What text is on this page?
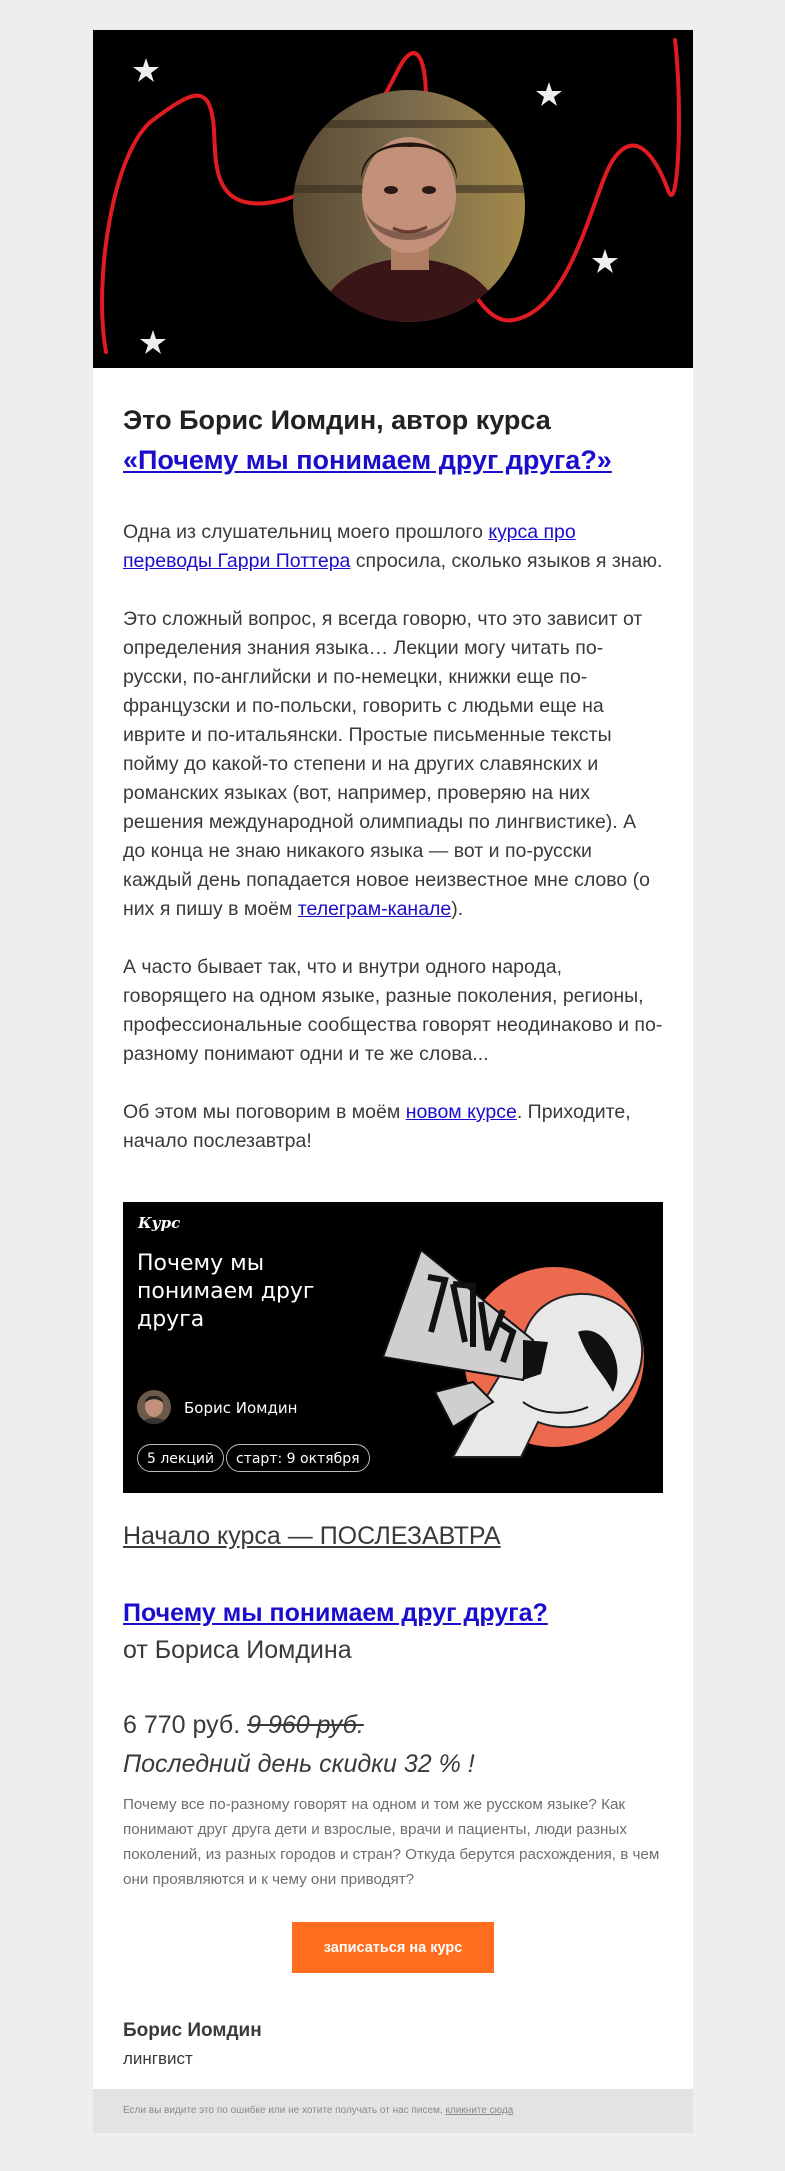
Это Борис Иомдин, автор курса
«Почему мы понимаем друг друга?»

Одна из слушательниц моего прошлого курса про переводы Гарри Поттера спросила, сколько языков я знаю.

Это сложный вопрос, я всегда говорю, что это зависит от определения знания языка… Лекции могу читать по-русски, по-английски и по-немецки, книжки еще по-французски и по-польски, говорить с людьми еще на иврите и по-итальянски. Простые письменные тексты пойму до какой-то степени и на других славянских и романских языках (вот, например, проверяю на них решения международной олимпиады по лингвистике). А до конца не знаю никакого языка — вот и по-русски каждый день попадается новое неизвестное мне слово (о них я пишу в моём телеграм-канале).

А часто бывает так, что и внутри одного народа, говорящего на одном языке, разные поколения, регионы, профессиональные сообщества говорят неодинаково и по-разному понимают одни и те же слова...

Об этом мы поговорим в моём новом курсе. Приходите, начало послезавтра!

Курс
Почему мы
понимаем друг
друга
Борис Иомдин
5 лекций	старт: 9 октября
Начало курса — ПОСЛЕЗАВТРА
Почему мы понимаем друг друга?
от Бориса Иомдина
6 770 руб. 9 960 руб.
Последний день скидки 32 % !
Почему все по-разному говорят на одном и том же русском языке? Как понимают друг друга дети и взрослые, врачи и пациенты, люди разных поколений, из разных городов и стран? Откуда берутся расхождения, в чем они проявляются и к чему они приводят?
записаться на курс
Борис Иомдин
лингвист
Если вы видите это по ошибке или не хотите получать от нас писем, кликните сюда
